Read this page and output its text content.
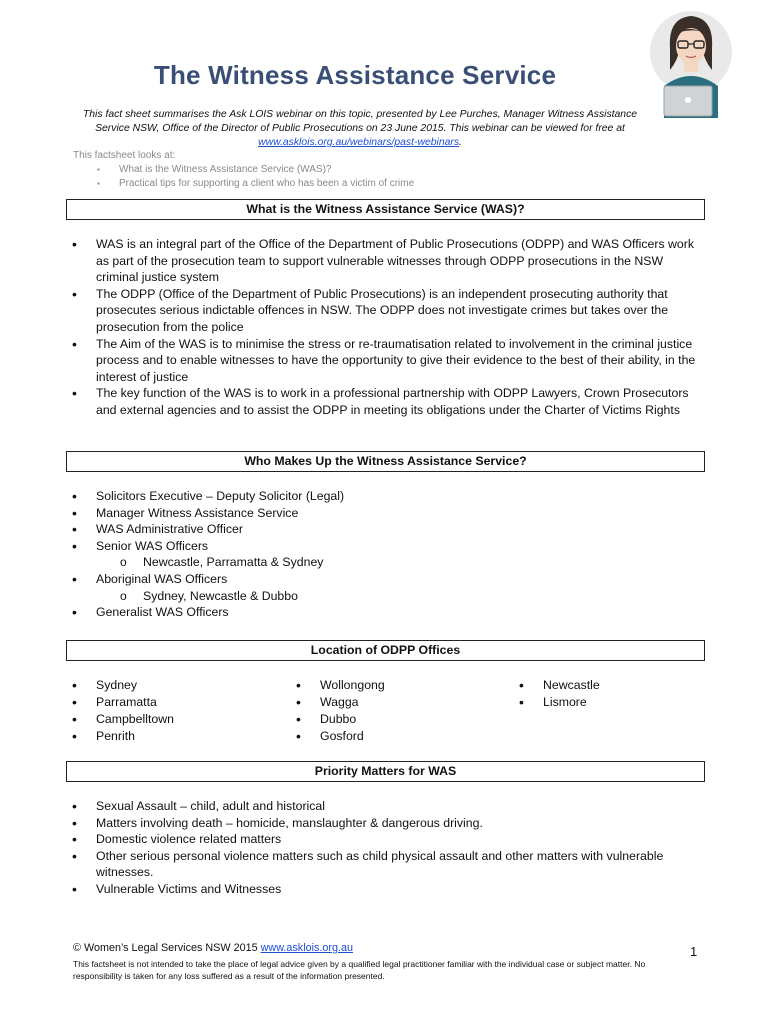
The Witness Assistance Service
This fact sheet summarises the Ask LOIS webinar on this topic, presented by Lee Purches, Manager Witness Assistance
Service NSW, Office of the Director of Public Prosecutions on 23 June 2015. This webinar can be viewed for free at
www.asklois.org.au/webinars/past-webinars.
This factsheet looks at:
▪ What is the Witness Assistance Service (WAS)?
▪ Practical tips for supporting a client who has been a victim of crime
What is the Witness Assistance Service (WAS)?
• WAS is an integral part of the Office of the Department of Public Prosecutions (ODPP) and WAS Officers work as part of the prosecution team to support vulnerable witnesses through ODPP prosecutions in the NSW criminal justice system
• The ODPP (Office of the Department of Public Prosecutions) is an independent prosecuting authority that prosecutes serious indictable offences in NSW. The ODPP does not investigate crimes but takes over the prosecution from the police
• The Aim of the WAS is to minimise the stress or re-traumatisation related to involvement in the criminal justice process and to enable witnesses to have the opportunity to give their evidence to the best of their ability, in the interest of justice
• The key function of the WAS is to work in a professional partnership with ODPP Lawyers, Crown Prosecutors and external agencies and to assist the ODPP in meeting its obligations under the Charter of Victims Rights
Who Makes Up the Witness Assistance Service?
• Solicitors Executive – Deputy Solicitor (Legal)
• Manager Witness Assistance Service
• WAS Administrative Officer
• Senior WAS Officers
o Newcastle, Parramatta & Sydney
• Aboriginal WAS Officers
o Sydney, Newcastle & Dubbo
• Generalist WAS Officers
Location of ODPP Offices
• Sydney
• Parramatta
• Campbelltown
• Penrith
• Wollongong
• Wagga
• Dubbo
• Gosford
• Newcastle
• Lismore
Priority Matters for WAS
• Sexual Assault – child, adult and historical
• Matters involving death – homicide, manslaughter & dangerous driving.
• Domestic violence related matters
• Other serious personal violence matters such as child physical assault and other matters with vulnerable witnesses.
• Vulnerable Victims and Witnesses
© Women’s Legal Services NSW 2015 www.asklois.org.au	1
This factsheet is not intended to take the place of legal advice given by a qualified legal practitioner familiar with the individual case or subject matter. No responsibility is taken for any loss suffered as a result of the information presented.
